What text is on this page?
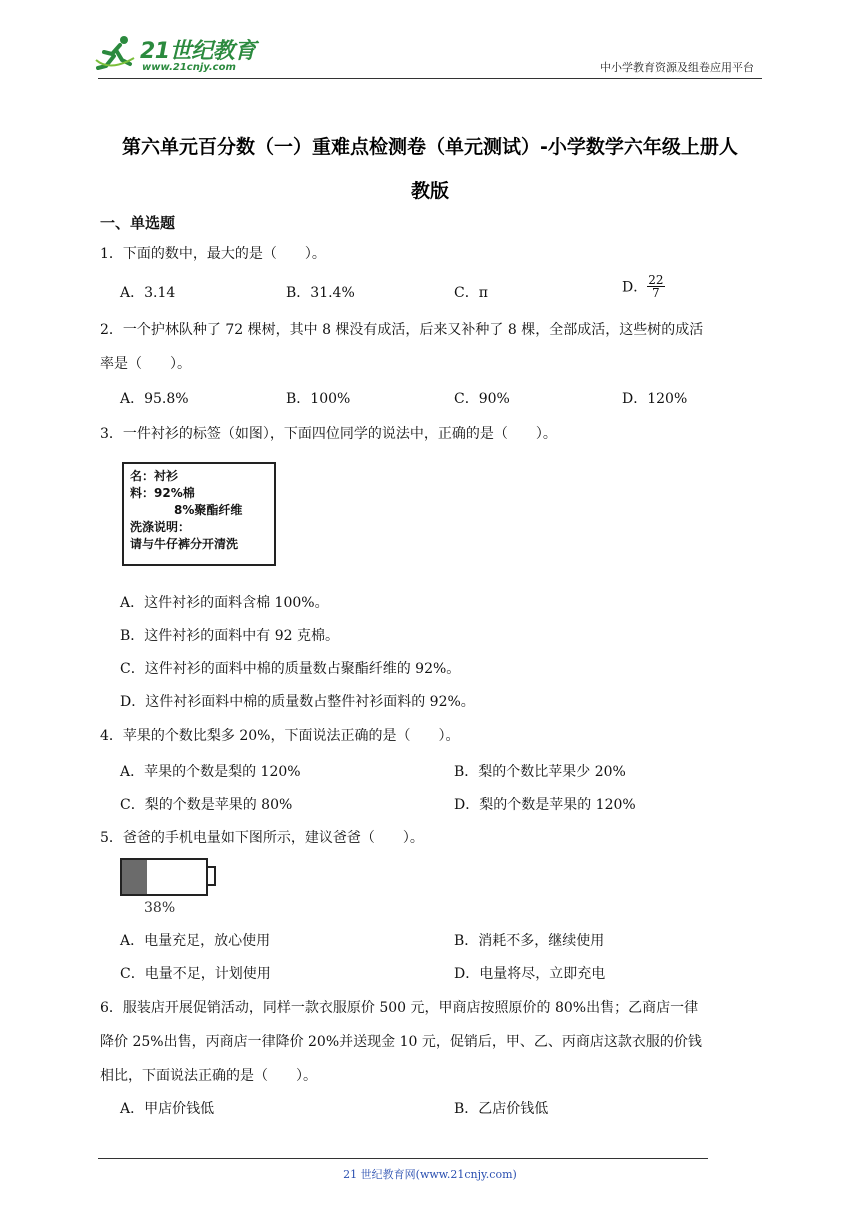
21世纪教育
www.21cnjy.com	中小学教育资源及组卷应用平台
第六单元百分数（一）重难点检测卷（单元测试）-小学数学六年级上册人
教版
一、单选题
1．下面的数中，最大的是（　　）。
A．3.14	B．31.4%	C．π	D． $\frac{22}{7}$
2．一个护林队种了 72 棵树，其中 8 棵没有成活，后来又补种了 8 棵，全部成活，这些树的成活
率是（　　）。
A．95.8%	B．100%	C．90%	D．120%
3．一件衬衫的标签（如图），下面四位同学的说法中，正确的是（　　）。
名：衬衫
料：92%棉
8%聚酯纤维
洗涤说明：
请与牛仔裤分开清洗
A．这件衬衫的面料含棉 100%。
B．这件衬衫的面料中有 92 克棉。
C．这件衬衫的面料中棉的质量数占聚酯纤维的 92%。
D．这件衬衫面料中棉的质量数占整件衬衫面料的 92%。
4．苹果的个数比梨多 20%，下面说法正确的是（　　）。
A．苹果的个数是梨的 120%	B．梨的个数比苹果少 20%
C．梨的个数是苹果的 80%	D．梨的个数是苹果的 120%
5．爸爸的手机电量如下图所示，建议爸爸（　　）。
38%
A．电量充足，放心使用	B．消耗不多，继续使用
C．电量不足，计划使用	D．电量将尽，立即充电
6．服装店开展促销活动，同样一款衣服原价 500 元，甲商店按照原价的 80%出售；乙商店一律
降价 25%出售，丙商店一律降价 20%并送现金 10 元，促销后，甲、乙、丙商店这款衣服的价钱
相比，下面说法正确的是（　　）。
A．甲店价钱低	B．乙店价钱低
21 世纪教育网(www.21cnjy.com)
